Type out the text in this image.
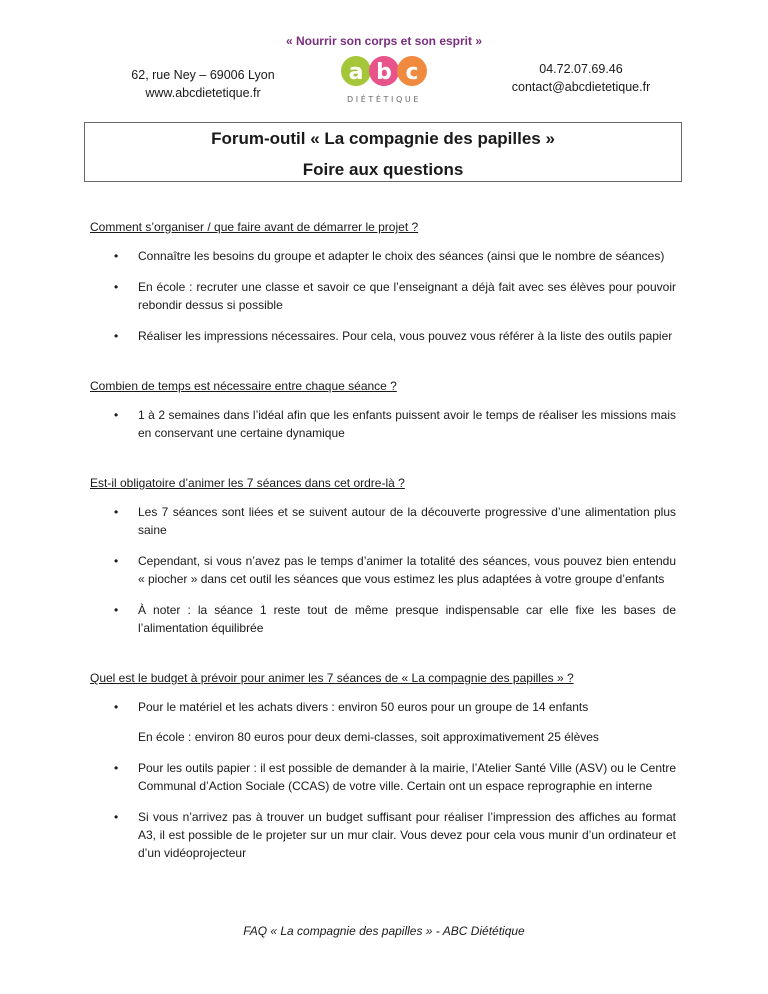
« Nourrir son corps et son esprit »
62, rue Ney – 69006 Lyon
www.abcdietetique.fr
a b c
DIÉTÉTIQUE
04.72.07.69.46
contact@abcdietetique.fr
Forum-outil « La compagnie des papilles »
Foire aux questions

Comment s’organiser / que faire avant de démarrer le projet ?

• Connaître les besoins du groupe et adapter le choix des séances (ainsi que le nombre de séances)
• En école : recruter une classe et savoir ce que l’enseignant a déjà fait avec ses élèves pour pouvoir rebondir dessus si possible
• Réaliser les impressions nécessaires. Pour cela, vous pouvez vous référer à la liste des outils papier

Combien de temps est nécessaire entre chaque séance ?

• 1 à 2 semaines dans l’idéal afin que les enfants puissent avoir le temps de réaliser les missions mais en conservant une certaine dynamique

Est-il obligatoire d’animer les 7 séances dans cet ordre-là ?

• Les 7 séances sont liées et se suivent autour de la découverte progressive d’une alimentation plus saine
• Cependant, si vous n’avez pas le temps d’animer la totalité des séances, vous pouvez bien entendu « piocher » dans cet outil les séances que vous estimez les plus adaptées à votre groupe d’enfants
• À noter : la séance 1 reste tout de même presque indispensable car elle fixe les bases de l’alimentation équilibrée

Quel est le budget à prévoir pour animer les 7 séances de « La compagnie des papilles » ?

• Pour le matériel et les achats divers : environ 50 euros pour un groupe de 14 enfants
En école : environ 80 euros pour deux demi-classes, soit approximativement 25 élèves
• Pour les outils papier : il est possible de demander à la mairie, l’Atelier Santé Ville (ASV) ou le Centre Communal d’Action Sociale (CCAS) de votre ville. Certain ont un espace reprographie en interne
• Si vous n’arrivez pas à trouver un budget suffisant pour réaliser l’impression des affiches au format A3, il est possible de le projeter sur un mur clair. Vous devez pour cela vous munir d’un ordinateur et d’un vidéoprojecteur
FAQ « La compagnie des papilles » - ABC Diététique
